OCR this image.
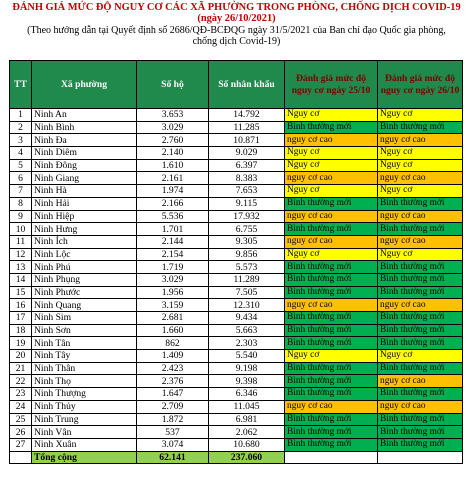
ĐÁNH GIÁ MỨC ĐỘ NGUY CƠ CÁC XÃ PHƯỜNG TRONG PHÒNG, CHỐNG DỊCH COVID-19 (ngày 26/10/2021)
(Theo hướng dẫn tại Quyết định số 2686/QĐ-BCĐQG ngày 31/5/2021 của Ban chỉ đạo Quốc gia phòng, chống dịch Covid-19)
TT	Xã phường	Số hộ	Số nhân khẩu	Đánh giá mức độ nguy cơ ngày 25/10	Đánh giá mức độ nguy cơ ngày 26/10
1	Ninh An	3.653	14.792	Nguy cơ	Nguy cơ
2	Ninh Bình	3.029	11.285	Bình thường mới	Bình thường mới
3	Ninh Đa	2.760	10.871	nguy cơ cao	nguy cơ cao
4	Ninh Diêm	2.140	9.029	Nguy cơ	Nguy cơ
5	Ninh Đông	1.610	6.397	Nguy cơ	Nguy cơ
6	Ninh Giang	2.161	8.383	nguy cơ cao	nguy cơ cao
7	Ninh Hà	1.974	7.653	Nguy cơ	Nguy cơ
8	Ninh Hải	2.166	9.115	Bình thường mới	Bình thường mới
9	Ninh Hiệp	5.536	17.932	nguy cơ cao	nguy cơ cao
10	Ninh Hưng	1.701	6.755	Bình thường mới	Bình thường mới
11	Ninh Ích	2.144	9.305	nguy cơ cao	nguy cơ cao
12	Ninh Lộc	2.154	9.856	Nguy cơ	Nguy cơ
13	Ninh Phú	1.719	5.573	Bình thường mới	Bình thường mới
14	Ninh Phụng	3.029	11.289	Bình thường mới	Bình thường mới
15	Ninh Phước	1.956	7.505	Bình thường mới	Bình thường mới
16	Ninh Quang	3.159	12.310	nguy cơ cao	nguy cơ cao
17	Ninh Sim	2.681	9.434	Bình thường mới	Bình thường mới
18	Ninh Sơn	1.660	5.663	Bình thường mới	Bình thường mới
19	Ninh Tân	862	2.303	Bình thường mới	Bình thường mới
20	Ninh Tây	1.409	5.540	Nguy cơ	Nguy cơ
21	Ninh Thân	2.423	9.198	Bình thường mới	Bình thường mới
22	Ninh Thọ	2.376	9.398	Bình thường mới	nguy cơ cao
23	Ninh Thượng	1.647	6.346	Bình thường mới	Bình thường mới
24	Ninh Thủy	2.709	11.045	nguy cơ cao	nguy cơ cao
25	Ninh Trung	1.872	6.981	Bình thường mới	Bình thường mới
26	Ninh Vân	537	2.062	Bình thường mới	Bình thường mới
27	Ninh Xuân	3.074	10.680	Bình thường mới	Bình thường mới
	Tổng cộng	62.141	237.060		
